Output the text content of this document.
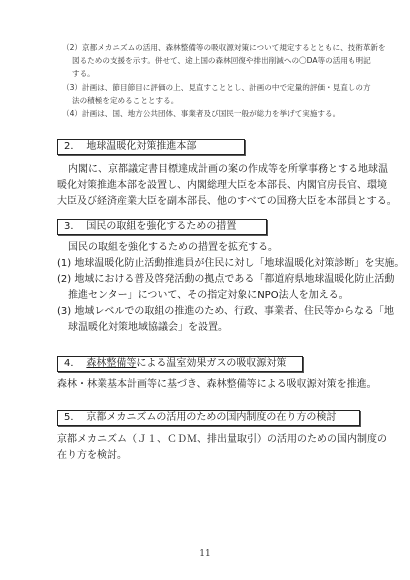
（2）京都メカニズムの活用、森林整備等の吸収源対策について規定するとともに、技術革新を
図るための支援を示す。併せて、途上国の森林回復や排出削減への〇DA等の活用も明記
する。
（3）計画は、節目節目に評価の上、見直すこととし、計画の中で定量的評価・見直しの方
法の積極を定めることとする。
（4）計画は、国、地方公共団体、事業者及び国民一般が総力を挙げて実施する。
2． 地球温暖化対策推進本部
内閣に、京都議定書目標達成計画の案の作成等を所掌事務とする地球温
暖化対策推進本部を設置し、内閣総理大臣を本部長、内閣官房長官、環境
大臣及び経済産業大臣を副本部長、他のすべての国務大臣を本部員とする。
3． 国民の取組を強化するための措置
国民の取組を強化するための措置を拡充する。
(1) 地球温暖化防止活動推進員が住民に対し「地球温暖化対策診断」を実施。
(2) 地域における普及啓発活動の拠点である「都道府県地球温暖化防止活動
推進センター」について、その指定対象にNPO法人を加える。
(3) 地域レベルでの取組の推進のため、行政、事業者、住民等からなる「地
球温暖化対策地域協議会」を設置。
4． 森林整備等による温室効果ガスの吸収源対策
森林・林業基本計画等に基づき、森林整備等による吸収源対策を推進。
5． 京都メカニズムの活用のための国内制度の在り方の検討
京都メカニズム（Ｊ１、ＣＤＭ、排出量取引）の活用のための国内制度の
在り方を検討。
11
